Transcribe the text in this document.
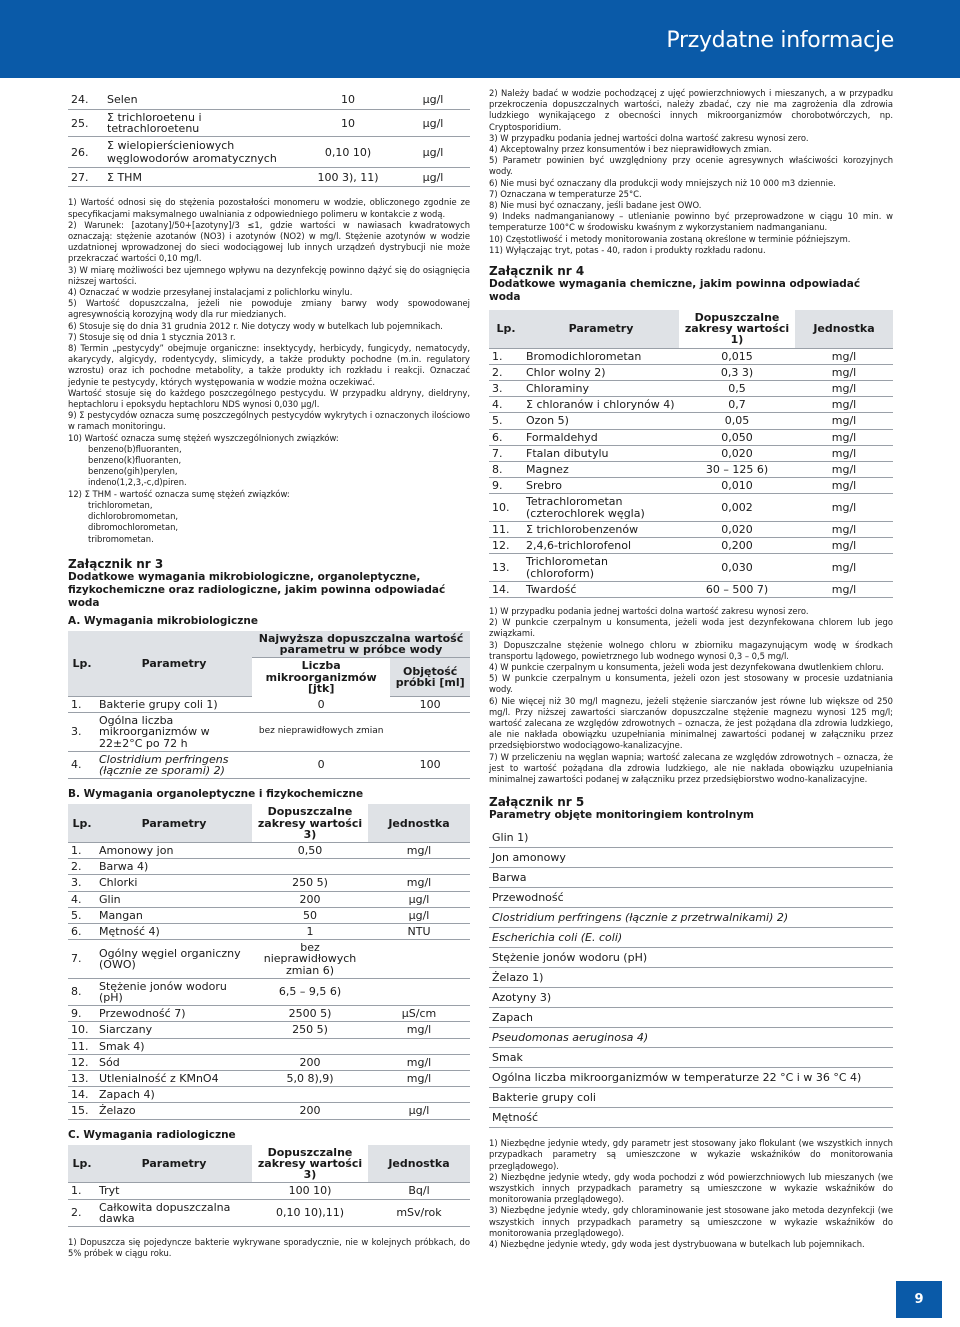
Przydatne informacje
24.	Selen	10	μg/l
25.	Σ trichloroetenu i tetrachloroetenu	10	μg/l
26.	Σ wielopierścieniowych węglowodorów aromatycznych	0,10 10)	μg/l
27.	Σ THM	100 3), 11)	μg/l

1) Wartość odnosi się do stężenia pozostałości monomeru w wodzie, obliczonego zgodnie ze specyfikacjami maksymalnego uwalniania z odpowiedniego polimeru w kontakcie z wodą.

2) Warunek: [azotany]/50+[azotyny]/3 ≤1, gdzie wartości w nawiasach kwadratowych oznaczają: stężenie azotanów (NO3) i azotynów (NO2) w mg/l. Stężenie azotynów w wodzie uzdatnionej wprowadzonej do sieci wodociągowej lub innych urządzeń dystrybucji nie może przekraczać wartości 0,10 mg/l.

3) W miarę możliwości bez ujemnego wpływu na dezynfekcję powinno dążyć się do osiągnięcia niższej wartości.

4) Oznaczać w wodzie przesyłanej instalacjami z polichlorku winylu.

5) Wartość dopuszczalna, jeżeli nie powoduje zmiany barwy wody spowodowanej agresywnością korozyjną wody dla rur miedzianych.

6) Stosuje się do dnia 31 grudnia 2012 r. Nie dotyczy wody w butelkach lub pojemnikach.

7) Stosuje się od dnia 1 stycznia 2013 r.

8) Termin „pestycydy” obejmuje organiczne: insektycydy, herbicydy, fungicydy, nematocydy, akarycydy, algicydy, rodentycydy, slimicydy, a także produkty pochodne (m.in. regulatory wzrostu) oraz ich pochodne metabolity, a także produkty ich rozkładu i reakcji. Oznaczać jedynie te pestycydy, których występowania w wodzie można oczekiwać.

Wartość stosuje się do każdego poszczególnego pestycydu. W przypadku aldryny, dieldryny, heptachloru i epoksydu heptachloru NDS wynosi 0,030 μg/l.

9) Σ pestycydów oznacza sumę poszczególnych pestycydów wykrytych i oznaczonych ilościowo w ramach monitoringu.

10) Wartość oznacza sumę stężeń wyszczególnionych związków:

benzeno(b)fluoranten,

benzeno(k)fluoranten,

benzeno(gih)perylen,

indeno(1,2,3,-c,d)piren.

12) Σ THM - wartość oznacza sumę stężeń związków:

trichlorometan,

dichlorobromometan,

dibromochlorometan,

tribromometan.

Załącznik nr 3
Dodatkowe wymagania mikrobiologiczne, organoleptyczne, fizykochemiczne oraz radiologiczne, jakim powinna odpowiadać woda
A. Wymagania mikrobiologiczne
Lp.	Parametry	Najwyższa dopuszczalna wartość parametru w próbce wody	
		Liczba mikroorganizmów [jtk]	Objętość próbki [ml]
1.	Bakterie grupy coli 1)	0	100
3.	Ogólna liczba mikroorganizmów w 22±2°C po 72 h	bez nieprawidłowych zmian	
4.	Clostridium perfringens (łącznie ze sporami) 2)	0	100
B. Wymagania organoleptyczne i fizykochemiczne
Lp.	Parametry	Dopuszczalne zakresy wartości 3)	Jednostka
1.	Amonowy jon	0,50	mg/l
2.	Barwa 4)		
3.	Chlorki	250 5)	mg/l
4.	Glin	200	μg/l
5.	Mangan	50	μg/l
6.	Mętność 4)	1	NTU
7.	Ogólny węgiel organiczny (OWO)	bez nieprawidłowych zmian 6)	
8.	Stężenie jonów wodoru (pH)	6,5 – 9,5 6)	
9.	Przewodność 7)	2500 5)	μS/cm
10.	Siarczany	250 5)	mg/l
11.	Smak 4)		
12.	Sód	200	mg/l
13.	Utlenialność z KMnO4	5,0 8),9)	mg/l
14.	Zapach 4)		
15.	Żelazo	200	μg/l
C. Wymagania radiologiczne
Lp.	Parametry	Dopuszczalne zakresy wartości 3)	Jednostka
1.	Tryt	100 10)	Bq/l
2.	Całkowita dopuszczalna dawka	0,10 10),11)	mSv/rok

1) Dopuszcza się pojedyncze bakterie wykrywane sporadycznie, nie w kolejnych próbkach, do 5% próbek w ciągu roku.

2) Należy badać w wodzie pochodzącej z ujęć powierzchniowych i mieszanych, a w przypadku przekroczenia dopuszczalnych wartości, należy zbadać, czy nie ma zagrożenia dla zdrowia ludzkiego wynikającego z obecności innych mikroorganizmów chorobotwórczych, np. Cryptosporidium.

3) W przypadku podania jednej wartości dolna wartość zakresu wynosi zero.

4) Akceptowalny przez konsumentów i bez nieprawidłowych zmian.

5) Parametr powinien być uwzględniony przy ocenie agresywnych właściwości korozyjnych wody.

6) Nie musi być oznaczany dla produkcji wody mniejszych niż 10 000 m3 dziennie.

7) Oznaczana w temperaturze 25°C.

8) Nie musi być oznaczany, jeśli badane jest OWO.

9) Indeks nadmanganianowy – utlenianie powinno być przeprowadzone w ciągu 10 min. w temperaturze 100°C w środowisku kwaśnym z wykorzystaniem nadmanganianu.

10) Częstotliwość i metody monitorowania zostaną określone w terminie późniejszym.

11) Wyłączając tryt, potas - 40, radon i produkty rozkładu radonu.

Załącznik nr 4
Dodatkowe wymagania chemiczne, jakim powinna odpowiadać woda
Lp.	Parametry	Dopuszczalne zakresy wartości 1)	Jednostka
1.	Bromodichlorometan	0,015	mg/l
2.	Chlor wolny 2)	0,3 3)	mg/l
3.	Chloraminy	0,5	mg/l
4.	Σ chloranów i chlorynów 4)	0,7	mg/l
5.	Ozon 5)	0,05	mg/l
6.	Formaldehyd	0,050	mg/l
7.	Ftalan dibutylu	0,020	mg/l
8.	Magnez	30 – 125 6)	mg/l
9.	Srebro	0,010	mg/l
10.	Tetrachlorometan (czterochlorek węgla)	0,002	mg/l
11.	Σ trichlorobenzenów	0,020	mg/l
12.	2,4,6-trichlorofenol	0,200	mg/l
13.	Trichlorometan (chloroform)	0,030	mg/l
14.	Twardość	60 – 500 7)	mg/l

1) W przypadku podania jednej wartości dolna wartość zakresu wynosi zero.

2) W punkcie czerpalnym u konsumenta, jeżeli woda jest dezynfekowana chlorem lub jego związkami.

3) Dopuszczalne stężenie wolnego chloru w zbiorniku magazynującym wodę w środkach transportu lądowego, powietrznego lub wodnego wynosi 0,3 – 0,5 mg/l.

4) W punkcie czerpalnym u konsumenta, jeżeli woda jest dezynfekowana dwutlenkiem chloru.

5) W punkcie czerpalnym u konsumenta, jeżeli ozon jest stosowany w procesie uzdatniania wody.

6) Nie więcej niż 30 mg/l magnezu, jeżeli stężenie siarczanów jest równe lub większe od 250 mg/l. Przy niższej zawartości siarczanów dopuszczalne stężenie magnezu wynosi 125 mg/l; wartość zalecana ze względów zdrowotnych – oznacza, że jest pożądana dla zdrowia ludzkiego, ale nie nakłada obowiązku uzupełniania minimalnej zawartości podanej w załączniku przez przedsiębiorstwo wodociągowo-kanalizacyjne.

7) W przeliczeniu na węglan wapnia; wartość zalecana ze względów zdrowotnych – oznacza, że jest to wartość pożądana dla zdrowia ludzkiego, ale nie nakłada obowiązku uzupełniania minimalnej zawartości podanej w załączniku przez przedsiębiorstwo wodno-kanalizacyjne.

Załącznik nr 5
Parametry objęte monitoringiem kontrolnym
Glin 1)
Jon amonowy
Barwa
Przewodność
Clostridium perfringens (łącznie z przetrwalnikami) 2)
Escherichia coli (E. coli)
Stężenie jonów wodoru (pH)
Żelazo 1)
Azotyny 3)
Zapach
Pseudomonas aeruginosa 4)
Smak
Ogólna liczba mikroorganizmów w temperaturze 22 °C i w 36 °C 4)
Bakterie grupy coli
Mętność

1) Niezbędne jedynie wtedy, gdy parametr jest stosowany jako flokulant (we wszystkich innych przypadkach parametry są umieszczone w wykazie wskaźników do monitorowania przeglądowego).

2) Niezbędne jedynie wtedy, gdy woda pochodzi z wód powierzchniowych lub mieszanych (we wszystkich innych przypadkach parametry są umieszczone w wykazie wskaźników do monitorowania przeglądowego).

3) Niezbędne jedynie wtedy, gdy chloraminowanie jest stosowane jako metoda dezynfekcji (we wszystkich innych przypadkach parametry są umieszczone w wykazie wskaźników do monitorowania przeglądowego).

4) Niezbędne jedynie wtedy, gdy woda jest dystrybuowana w butelkach lub pojemnikach.

9
